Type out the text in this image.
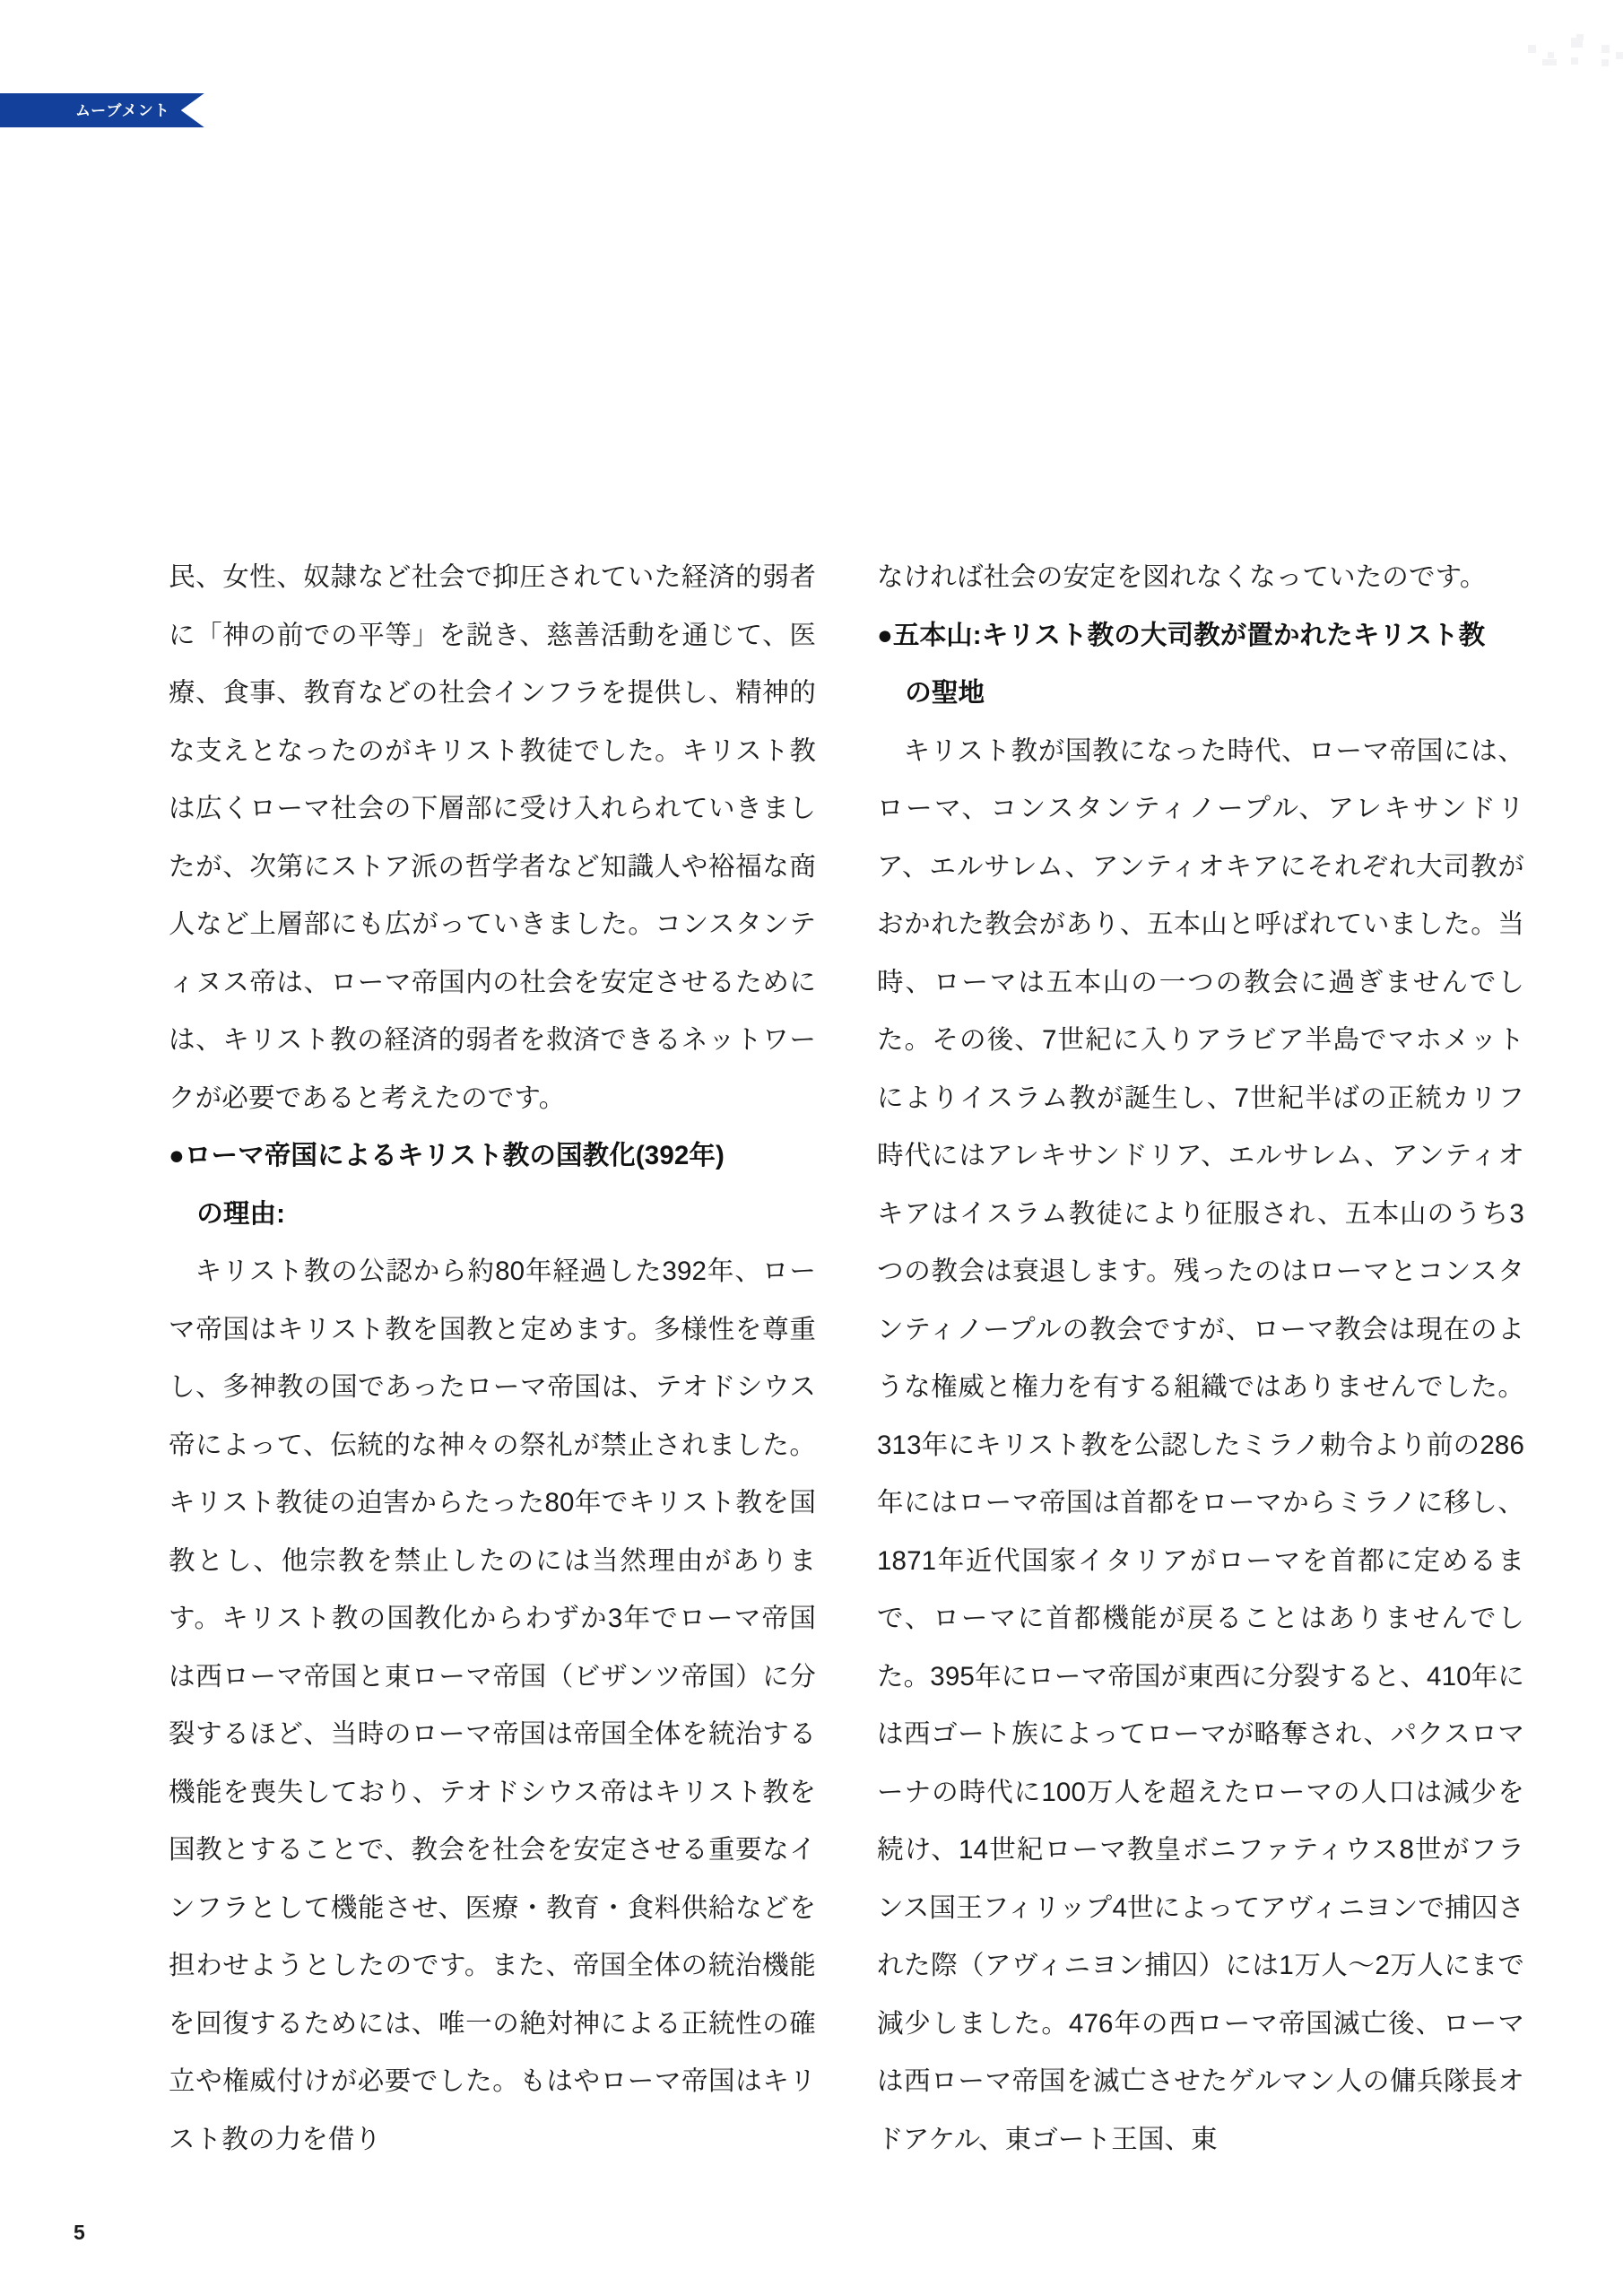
ムーブメント

民、女性、奴隷など社会で抑圧されていた経済的弱者に「神の前での平等」を説き、慈善活動を通じて、医療、食事、教育などの社会インフラを提供し、精神的な支えとなったのがキリスト教徒でした。キリスト教は広くローマ社会の下層部に受け入れられていきましたが、次第にストア派の哲学者など知識人や裕福な商人など上層部にも広がっていきました。コンスタンティヌス帝は、ローマ帝国内の社会を安定させるためには、キリスト教の経済的弱者を救済できるネットワークが必要であると考えたのです。

●ローマ帝国によるキリスト教の国教化(392年)
の理由:

キリスト教の公認から約80年経過した392年、ローマ帝国はキリスト教を国教と定めます。多様性を尊重し、多神教の国であったローマ帝国は、テオドシウス帝によって、伝統的な神々の祭礼が禁止されました。キリスト教徒の迫害からたった80年でキリスト教を国教とし、他宗教を禁止したのには当然理由があります。キリスト教の国教化からわずか3年でローマ帝国は西ローマ帝国と東ローマ帝国（ビザンツ帝国）に分裂するほど、当時のローマ帝国は帝国全体を統治する機能を喪失しており、テオドシウス帝はキリスト教を国教とすることで、教会を社会を安定させる重要なインフラとして機能させ、医療・教育・食料供給などを担わせようとしたのです。また、帝国全体の統治機能を回復するためには、唯一の絶対神による正統性の確立や権威付けが必要でした。もはやローマ帝国はキリスト教の力を借り

なければ社会の安定を図れなくなっていたのです。

●五本山:キリスト教の大司教が置かれたキリスト教
の聖地

キリスト教が国教になった時代、ローマ帝国には、ローマ、コンスタンティノープル、アレキサンドリア、エルサレム、アンティオキアにそれぞれ大司教がおかれた教会があり、五本山と呼ばれていました。当時、ローマは五本山の一つの教会に過ぎませんでした。その後、7世紀に入りアラビア半島でマホメットによりイスラム教が誕生し、7世紀半ばの正統カリフ時代にはアレキサンドリア、エルサレム、アンティオキアはイスラム教徒により征服され、五本山のうち3つの教会は衰退します。残ったのはローマとコンスタンティノープルの教会ですが、ローマ教会は現在のような権威と権力を有する組織ではありませんでした。313年にキリスト教を公認したミラノ勅令より前の286年にはローマ帝国は首都をローマからミラノに移し、1871年近代国家イタリアがローマを首都に定めるまで、ローマに首都機能が戻ることはありませんでした。395年にローマ帝国が東西に分裂すると、410年には西ゴート族によってローマが略奪され、パクスロマーナの時代に100万人を超えたローマの人口は減少を続け、14世紀ローマ教皇ボニファティウス8世がフランス国王フィリップ4世によってアヴィニヨンで捕囚された際（アヴィニヨン捕囚）には1万人〜2万人にまで減少しました。476年の西ローマ帝国滅亡後、ローマは西ローマ帝国を滅亡させたゲルマン人の傭兵隊長オドアケル、東ゴート王国、東

5
